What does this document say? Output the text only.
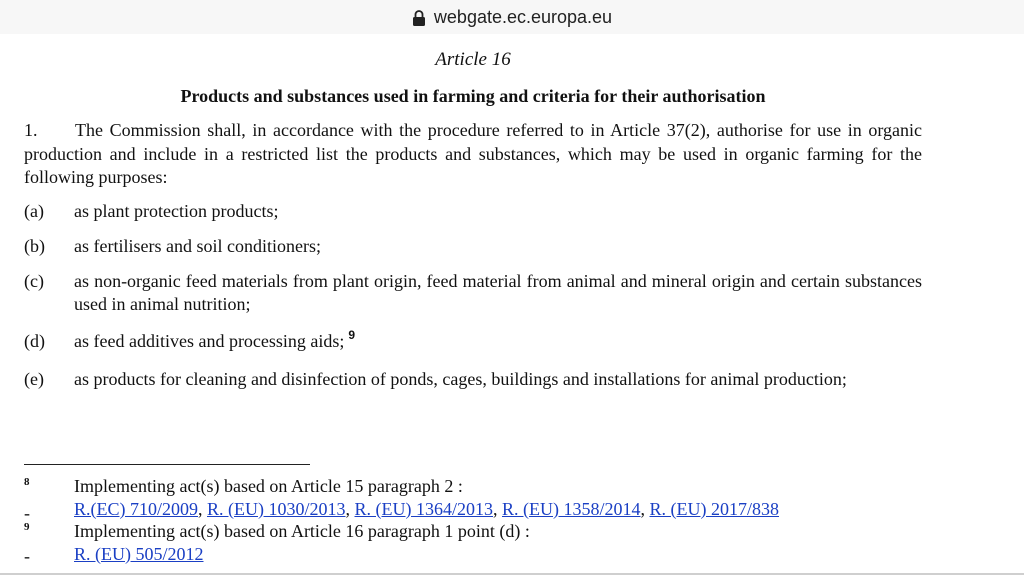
Article 16
Products and substances used in farming and criteria for their authorisation
1. The Commission shall, in accordance with the procedure referred to in Article 37(2), authorise for use in organic production and include in a restricted list the products and substances, which may be used in organic farming for the following purposes:
(a) as plant protection products;
(b) as fertilisers and soil conditioners;
(c) as non-organic feed materials from plant origin, feed material from animal and mineral origin and certain substances used in animal nutrition;
(d) as feed additives and processing aids; $^9$
(e) as products for cleaning and disinfection of ponds, cages, buildings and installations for animal production;
8 Implementing act(s) based on Article 15 paragraph 2 :
- R.(EC) 710/2009, R. (EU) 1030/2013, R. (EU) 1364/2013, R. (EU) 1358/2014, R. (EU) 2017/838
9 Implementing act(s) based on Article 16 paragraph 1 point (d) :
- R. (EU) 505/2012
webgate.ec.europa.eu
